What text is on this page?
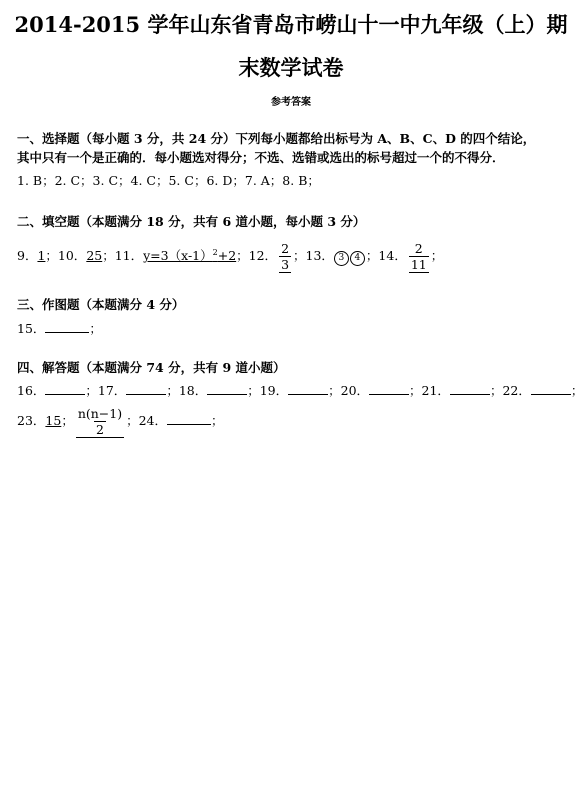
2014-2015 学年山东省青岛市崂山十一中九年级（上）期
末数学试卷
参考答案
一、选择题（每小题 3 分，共 24 分）下列每小题都给出标号为 A、B、C、D 的四个结论，
其中只有一个是正确的．每小题选对得分；不选、选错或选出的标号超过一个的不得分．
1. B；2. C；3. C；4. C；5. C；6. D；7. A；8. B；
二、填空题（本题满分 18 分，共有 6 道小题，每小题 3 分）
9．1；10．25；11．$y=3(x-1)^2+2$；12． $\frac{2}{3}$ ；13． 3 4 ；14． $\frac{2}{11}$ ；
三、作图题（本题满分 4 分）
15．	；
四、解答题（本题满分 74 分，共有 9 道小题）
16．	；17．	；18．	；19．	；20．	；21．	；22．	；
23．15； $\frac{n(n-1)}{2}$ ；24．	；
